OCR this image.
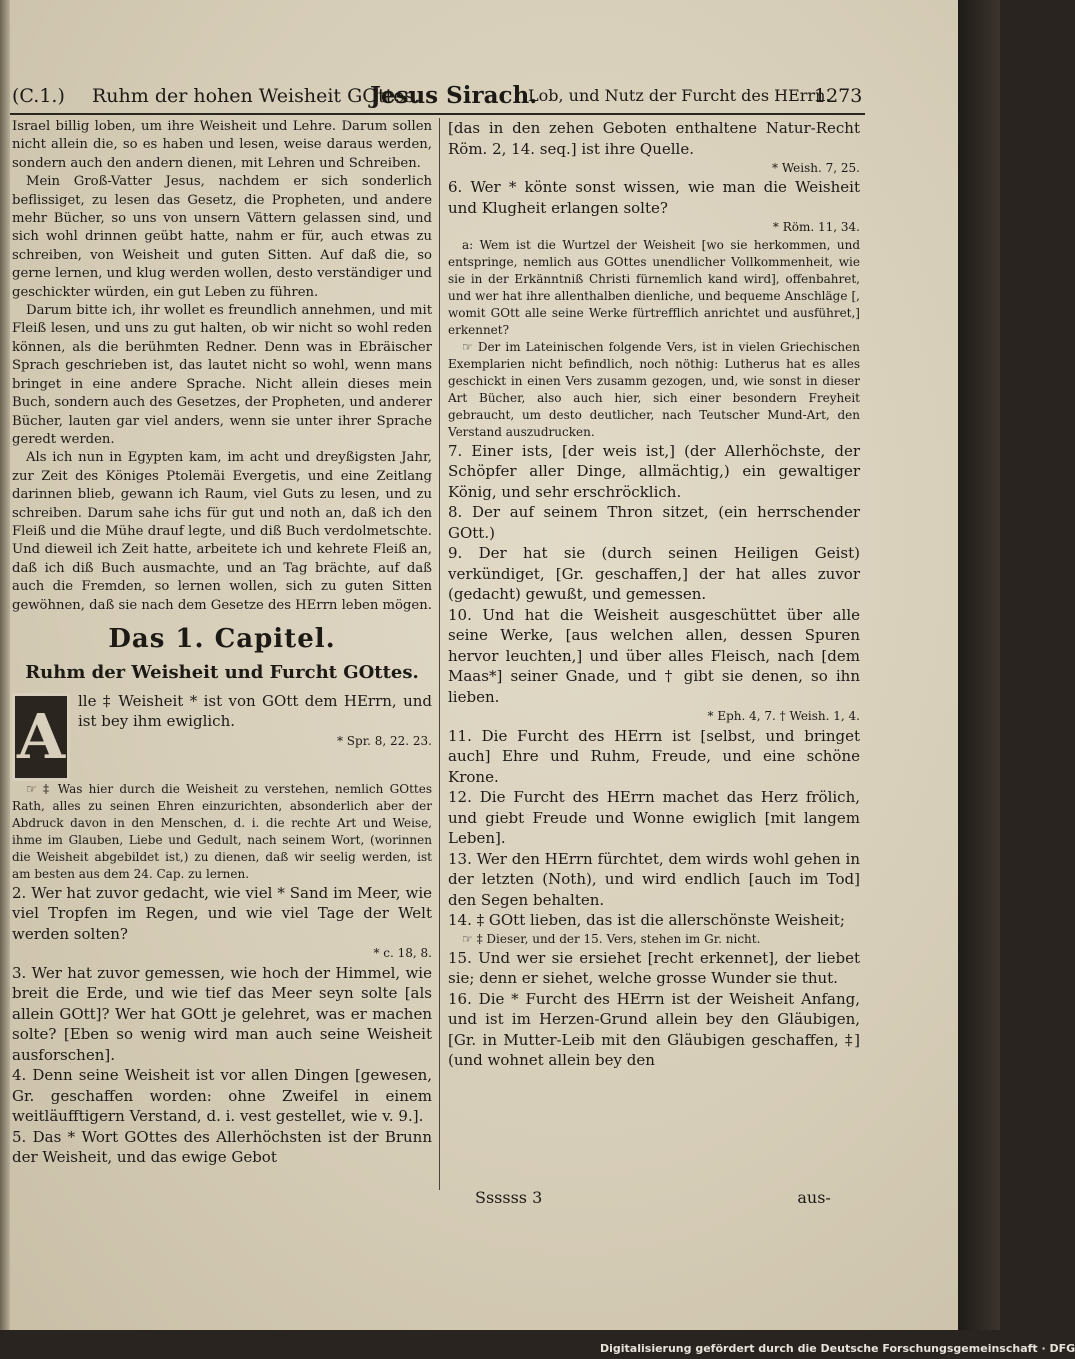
(C.1.) Ruhm der hohen Weisheit GOttes.
Jesus Sirach.
Lob, und Nutz der Furcht des HErrn.
1273

Israel billig loben, um ihre Weisheit und Lehre. Darum sollen nicht allein die, so es haben und lesen, weise daraus werden, sondern auch den andern dienen, mit Lehren und Schreiben.

Mein Groß-Vatter Jesus, nachdem er sich sonderlich beflissiget, zu lesen das Gesetz, die Propheten, und andere mehr Bücher, so uns von unsern Vättern gelassen sind, und sich wohl drinnen geübt hatte, nahm er für, auch etwas zu schreiben, von Weisheit und guten Sitten. Auf daß die, so gerne lernen, und klug werden wollen, desto verständiger und geschickter würden, ein gut Leben zu führen.

Darum bitte ich, ihr wollet es freundlich annehmen, und mit Fleiß lesen, und uns zu gut halten, ob wir nicht so wohl reden können, als die berühmten Redner. Denn was in Ebräischer Sprach geschrieben ist, das lautet nicht so wohl, wenn mans bringet in eine andere Sprache. Nicht allein dieses mein Buch, sondern auch des Gesetzes, der Propheten, und anderer Bücher, lauten gar viel anders, wenn sie unter ihrer Sprache geredt werden.

Als ich nun in Egypten kam, im acht und dreyßigsten Jahr, zur Zeit des Königes Ptolemäi Evergetis, und eine Zeitlang darinnen blieb, gewann ich Raum, viel Guts zu lesen, und zu schreiben. Darum sahe ichs für gut und noth an, daß ich den Fleiß und die Mühe drauf legte, und diß Buch verdolmetschte. Und dieweil ich Zeit hatte, arbeitete ich und kehrete Fleiß an, daß ich diß Buch ausmachte, und an Tag brächte, auf daß auch die Fremden, so lernen wollen, sich zu guten Sitten gewöhnen, daß sie nach dem Gesetze des HErrn leben mögen.

Das 1. Capitel.
Ruhm der Weisheit und Furcht GOttes.
A lle ‡ Weisheit * ist von GOtt dem HErrn, und ist bey ihm ewiglich.

* Spr. 8, 22. 23.

☞ ‡ Was hier durch die Weisheit zu verstehen, nemlich GOttes Rath, alles zu seinen Ehren einzurichten, absonderlich aber der Abdruck davon in den Menschen, d. i. die rechte Art und Weise, ihme im Glauben, Liebe und Gedult, nach seinem Wort, (worinnen die Weisheit abgebildet ist,) zu dienen, daß wir seelig werden, ist am besten aus dem 24. Cap. zu lernen.

2. Wer hat zuvor gedacht, wie viel * Sand im Meer, wie viel Tropfen im Regen, und wie viel Tage der Welt werden solten?

* c. 18, 8.

3. Wer hat zuvor gemessen, wie hoch der Himmel, wie breit die Erde, und wie tief das Meer seyn solte [als allein GOtt]? Wer hat GOtt je gelehret, was er machen solte? [Eben so wenig wird man auch seine Weisheit ausforschen].

4. Denn seine Weisheit ist vor allen Dingen [gewesen, Gr. geschaffen worden: ohne Zweifel in einem weitläufftigern Verstand, d. i. vest gestellet, wie v. 9.].

5. Das * Wort GOttes des Allerhöchsten ist der Brunn der Weisheit, und das ewige Gebot

[das in den zehen Geboten enthaltene Natur-Recht Röm. 2, 14. seq.] ist ihre Quelle.

* Weish. 7, 25.

6. Wer * könte sonst wissen, wie man die Weisheit und Klugheit erlangen solte?

* Röm. 11, 34.

a: Wem ist die Wurtzel der Weisheit [wo sie herkommen, und entspringe, nemlich aus GOttes unendlicher Vollkommenheit, wie sie in der Erkänntniß Christi fürnemlich kand wird], offenbahret, und wer hat ihre allenthalben dienliche, und bequeme Anschläge [, womit GOtt alle seine Werke fürtrefflich anrichtet und ausführet,] erkennet?

☞ Der im Lateinischen folgende Vers, ist in vielen Griechischen Exemplarien nicht befindlich, noch nöthig: Lutherus hat es alles geschickt in einen Vers zusamm gezogen, und, wie sonst in dieser Art Bücher, also auch hier, sich einer besondern Freyheit gebraucht, um desto deutlicher, nach Teutscher Mund-Art, den Verstand auszudrucken.

7. Einer ists, [der weis ist,] (der Allerhöchste, der Schöpfer aller Dinge, allmächtig,) ein gewaltiger König, und sehr erschröcklich.

8. Der auf seinem Thron sitzet, (ein herrschender GOtt.)

9. Der hat sie (durch seinen Heiligen Geist) verkündiget, [Gr. geschaffen,] der hat alles zuvor (gedacht) gewußt, und gemessen.

10. Und hat die Weisheit ausgeschüttet über alle seine Werke, [aus welchen allen, dessen Spuren hervor leuchten,] und über alles Fleisch, nach [dem Maas*] seiner Gnade, und † gibt sie denen, so ihn lieben.

* Eph. 4, 7. † Weish. 1, 4.

11. Die Furcht des HErrn ist [selbst, und bringet auch] Ehre und Ruhm, Freude, und eine schöne Krone.

12. Die Furcht des HErrn machet das Herz frölich, und giebt Freude und Wonne ewiglich [mit langem Leben].

13. Wer den HErrn fürchtet, dem wirds wohl gehen in der letzten (Noth), und wird endlich [auch im Tod] den Segen behalten.

14. ‡ GOtt lieben, das ist die allerschönste Weisheit;

☞ ‡ Dieser, und der 15. Vers, stehen im Gr. nicht.

15. Und wer sie ersiehet [recht erkennet], der liebet sie; denn er siehet, welche grosse Wunder sie thut.

16. Die * Furcht des HErrn ist der Weisheit Anfang, und ist im Herzen-Grund allein bey den Gläubigen, [Gr. in Mutter-Leib mit den Gläubigen geschaffen, ‡] (und wohnet allein bey den

Ssssss 3	aus-
Digitalisierung gefördert durch die Deutsche Forschungsgemeinschaft · DFG
